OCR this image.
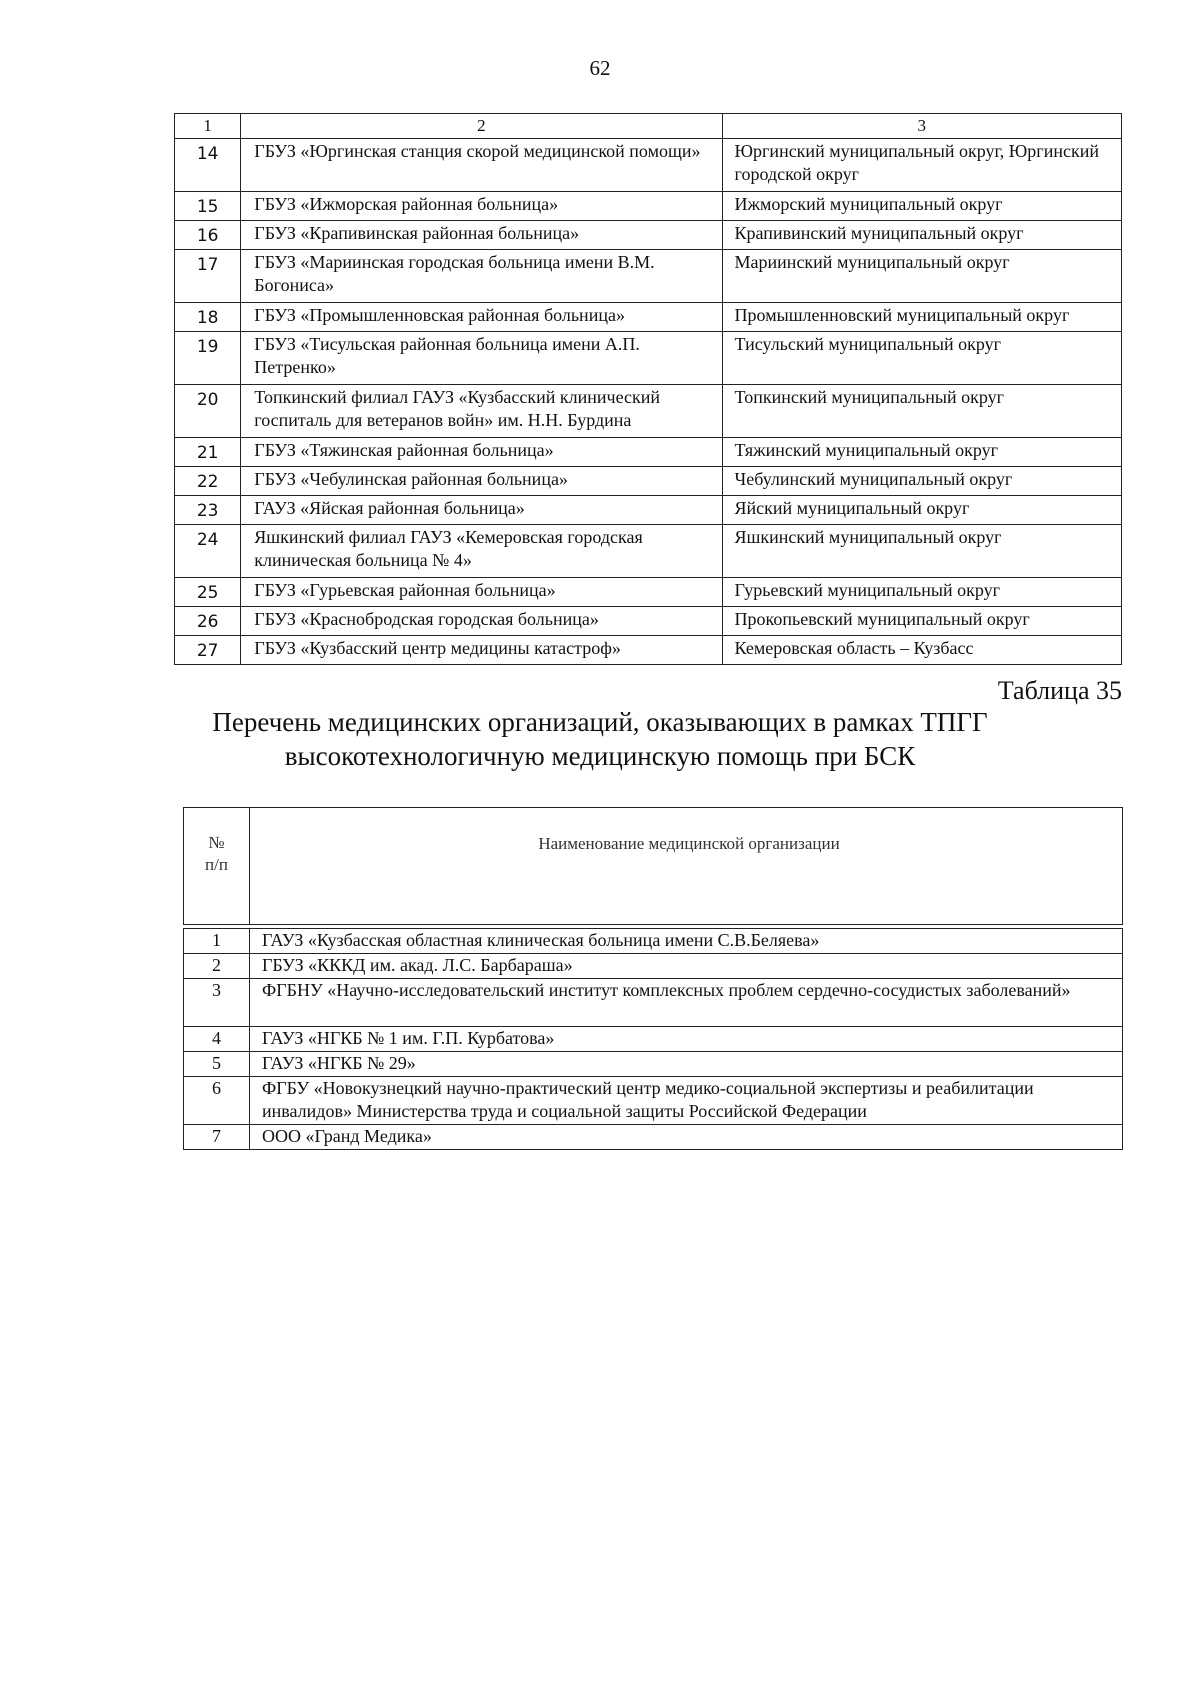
62
1	2	3
14	ГБУЗ «Юргинская станция скорой медицинской помощи»	Юргинский муниципальный округ, Юргинский городской округ
15	ГБУЗ «Ижморская районная больница»	Ижморский муниципальный округ
16	ГБУЗ «Крапивинская районная больница»	Крапивинский муниципальный округ
17	ГБУЗ «Мариинская городская больница имени В.М. Богониса»	Мариинский муниципальный округ
18	ГБУЗ «Промышленновская районная больница»	Промышленновский муниципальный округ
19	ГБУЗ «Тисульская районная больница имени А.П. Петренко»	Тисульский муниципальный округ
20	Топкинский филиал ГАУЗ «Кузбасский клинический госпиталь для ветеранов войн» им. Н.Н. Бурдина	Топкинский муниципальный округ
21	ГБУЗ «Тяжинская районная больница»	Тяжинский муниципальный округ
22	ГБУЗ «Чебулинская районная больница»	Чебулинский муниципальный округ
23	ГАУЗ «Яйская районная больница»	Яйский муниципальный округ
24	Яшкинский филиал ГАУЗ «Кемеровская городская клиническая больница № 4»	Яшкинский муниципальный округ
25	ГБУЗ «Гурьевская районная больница»	Гурьевский муниципальный округ
26	ГБУЗ «Краснобродская городская больница»	Прокопьевский муниципальный округ
27	ГБУЗ «Кузбасский центр медицины катастроф»	Кемеровская область – Кузбасс
Таблица 35
Перечень медицинских организаций, оказывающих в рамках ТПГГ
высокотехнологичную медицинскую помощь при БСК
№
п/п	Наименование медицинской организации

1	ГАУЗ «Кузбасская областная клиническая больница имени С.В.Беляева»
2	ГБУЗ «КККД им. акад. Л.С. Барбараша»
3	ФГБНУ «Научно-исследовательский институт комплексных проблем сердечно-сосудистых заболеваний»
4	ГАУЗ «НГКБ № 1 им. Г.П. Курбатова»
5	ГАУЗ «НГКБ № 29»
6	ФГБУ «Новокузнецкий научно-практический центр медико-социальной экспертизы и реабилитации инвалидов» Министерства труда и социальной защиты Российской Федерации
7	ООО «Гранд Медика»
